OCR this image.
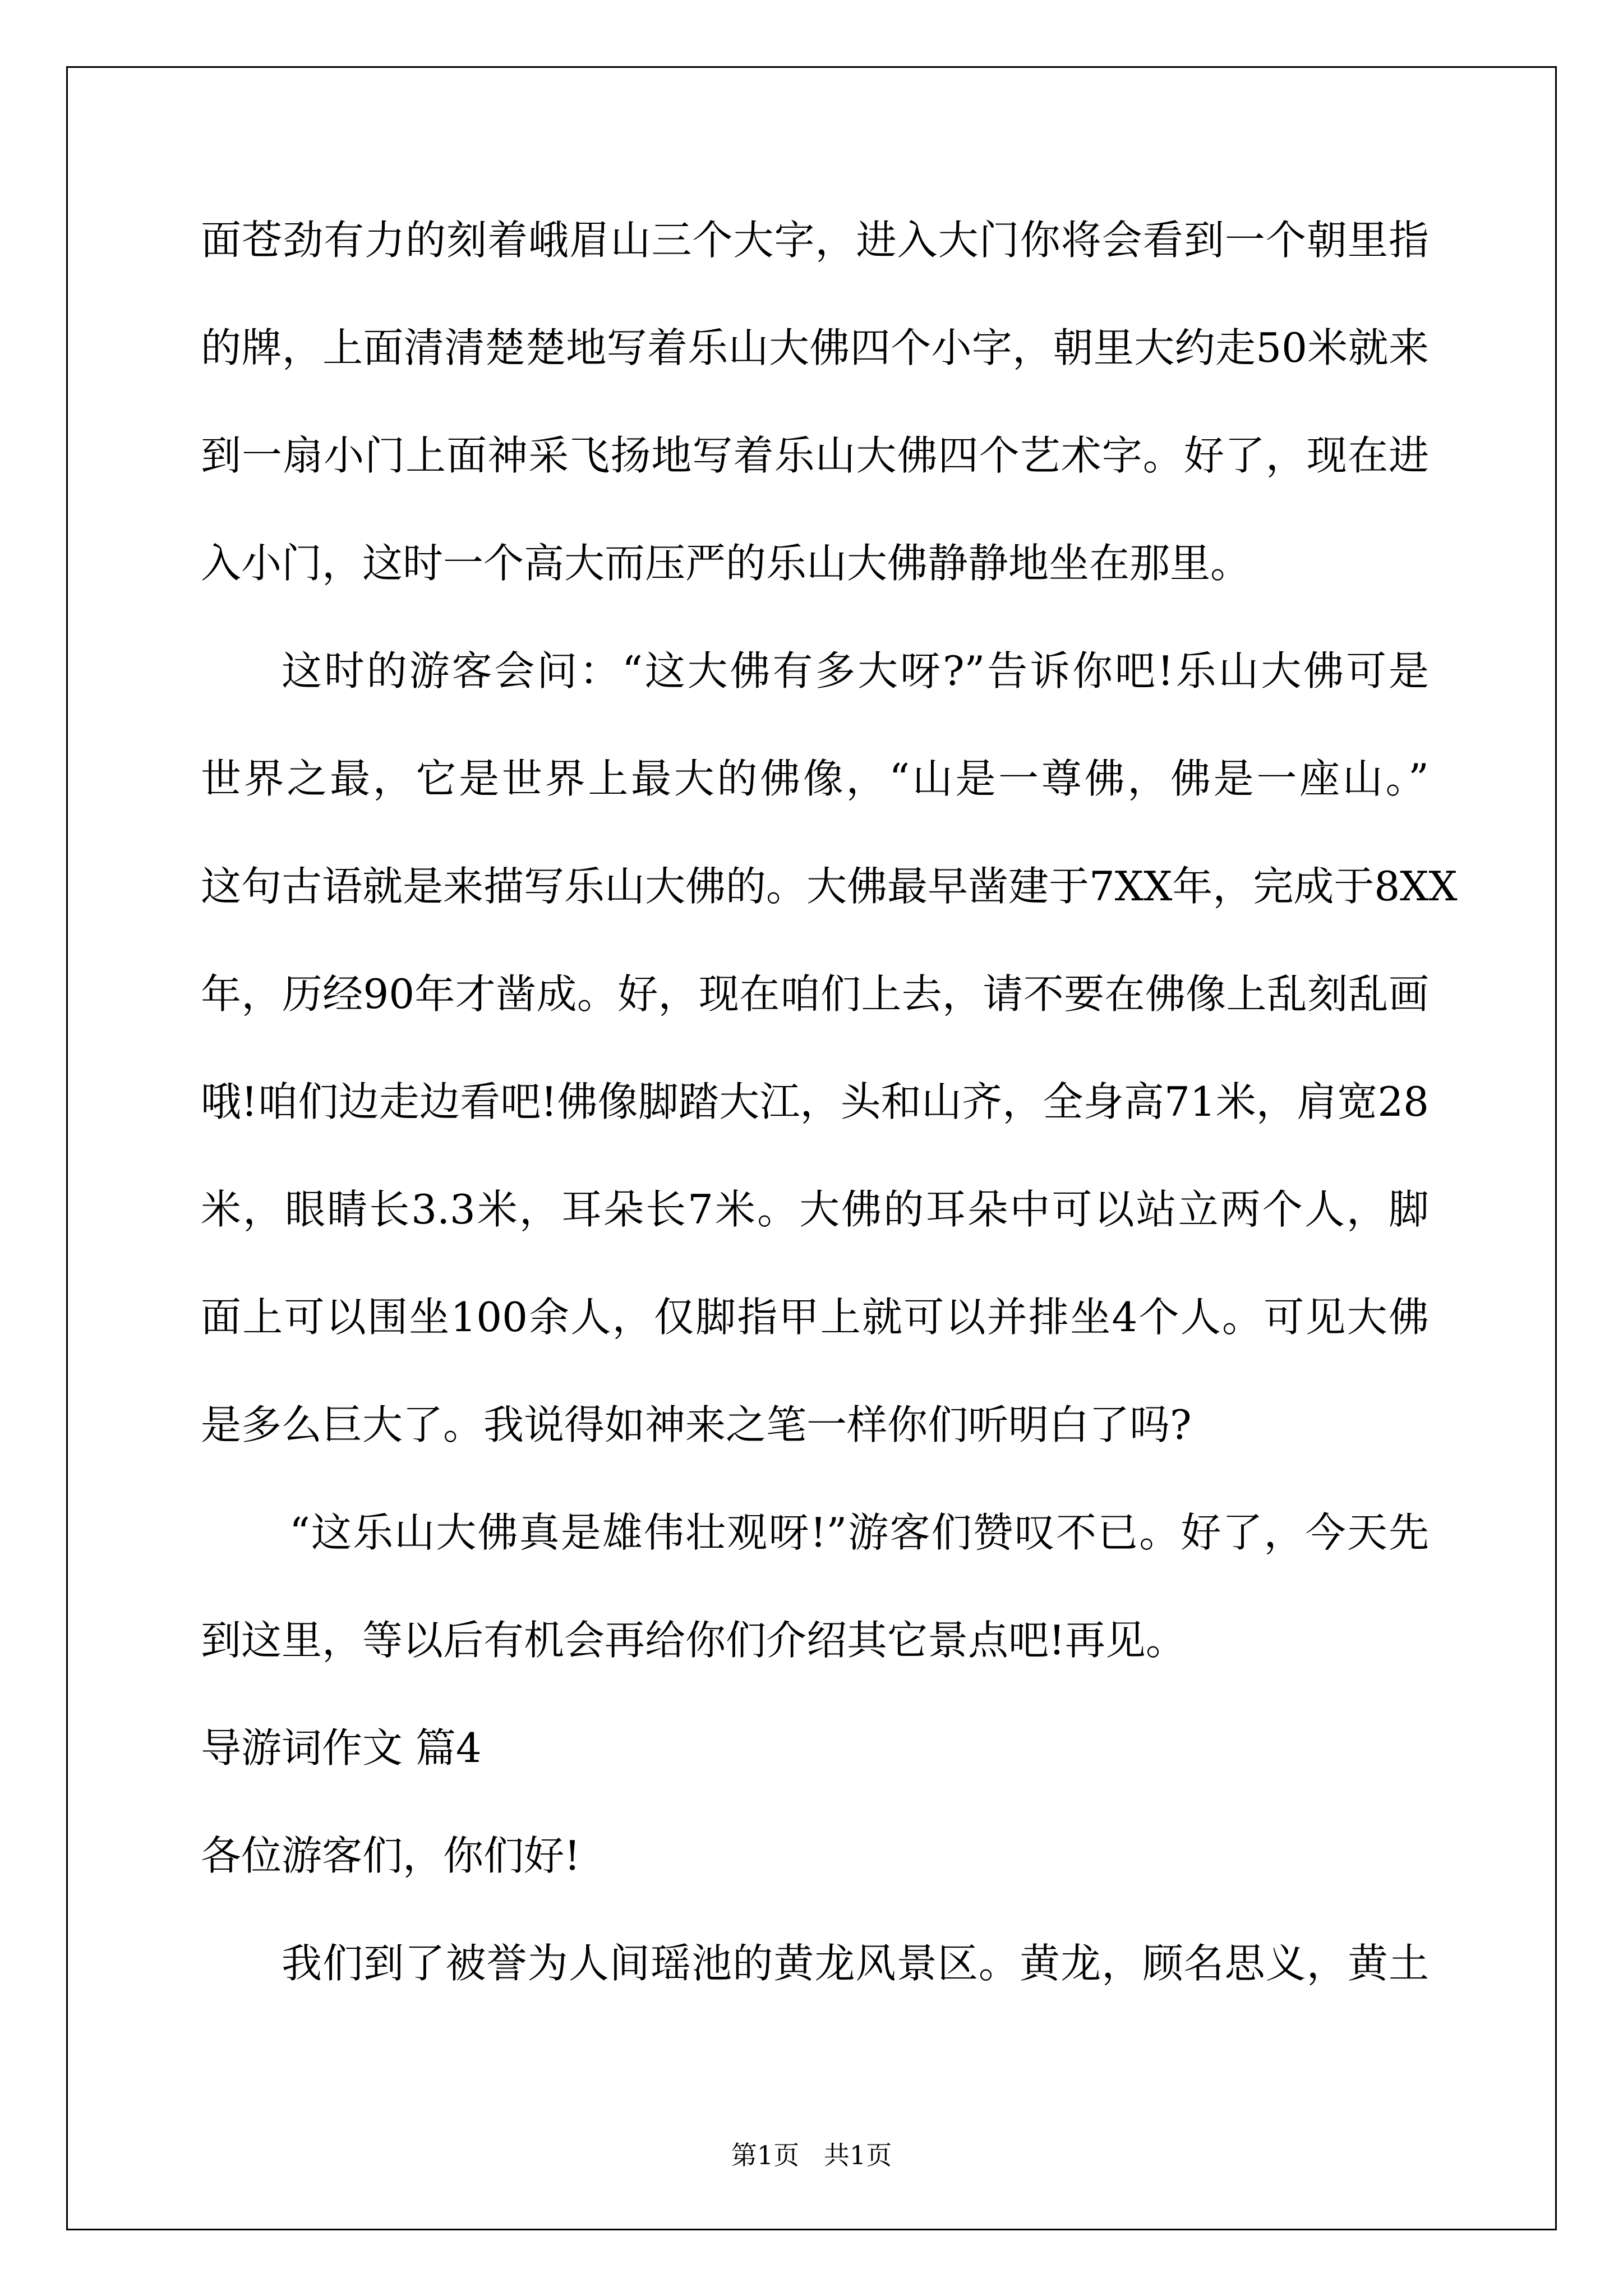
面苍劲有力的刻着峨眉山三个大字，进入大门你将会看到一个朝里指
的牌，上面清清楚楚地写着乐山大佛四个小字，朝里大约走50米就来
到一扇小门上面神采飞扬地写着乐山大佛四个艺术字。好了，现在进
入小门，这时一个高大而压严的乐山大佛静静地坐在那里。
这时的游客会问：“这大佛有多大呀?”告诉你吧!乐山大佛可是
世界之最，它是世界上最大的佛像，“山是一尊佛，佛是一座山。”
这句古语就是来描写乐山大佛的。大佛最早凿建于7XX年，完成于8XX
年，历经90年才凿成。好，现在咱们上去，请不要在佛像上乱刻乱画
哦!咱们边走边看吧!佛像脚踏大江，头和山齐，全身高71米，肩宽28
米，眼睛长3.3米，耳朵长7米。大佛的耳朵中可以站立两个人，脚
面上可以围坐100余人，仅脚指甲上就可以并排坐4个人。可见大佛
是多么巨大了。我说得如神来之笔一样你们听明白了吗?
“这乐山大佛真是雄伟壮观呀!”游客们赞叹不已。好了，今天先
到这里，等以后有机会再给你们介绍其它景点吧!再见。
导游词作文 篇4
各位游客们，你们好!
我们到了被誉为人间瑶池的黄龙风景区。黄龙，顾名思义，黄土
第1页   共1页
